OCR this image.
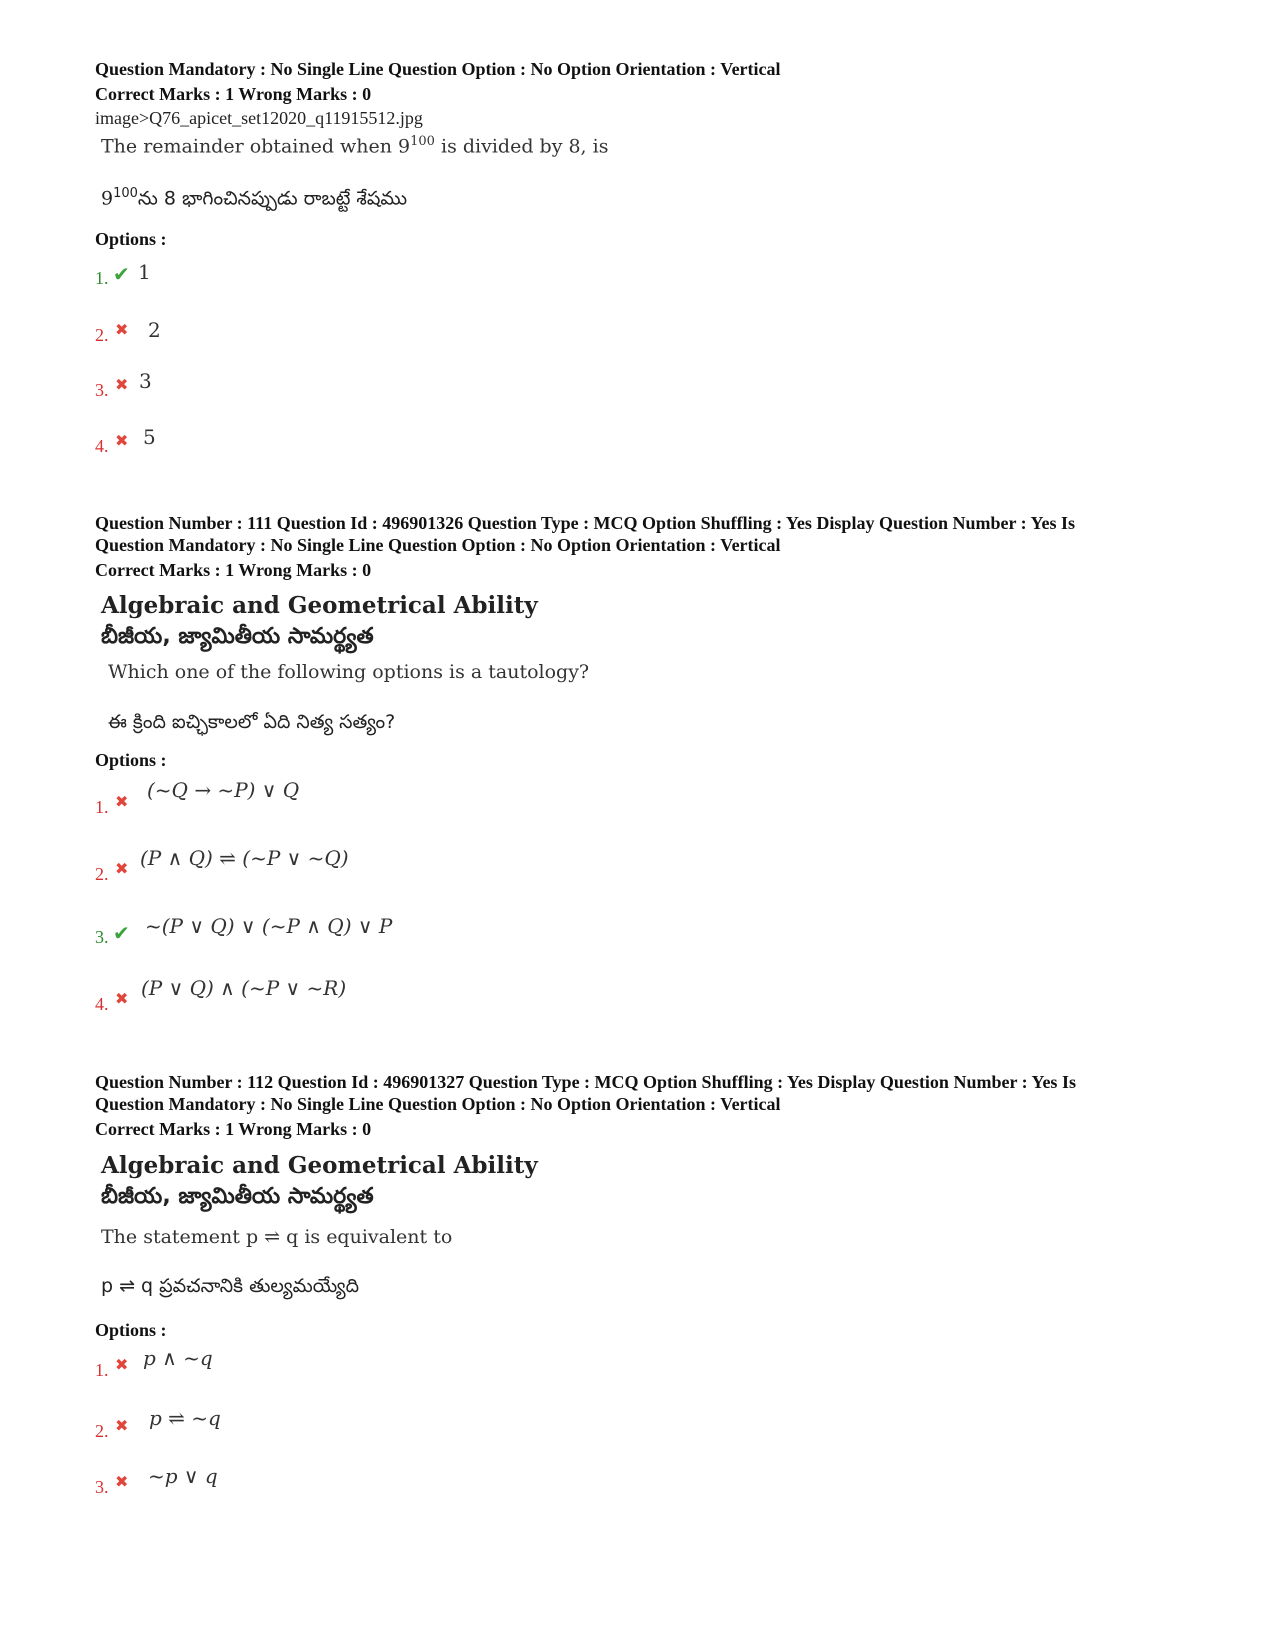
Question Mandatory : No Single Line Question Option : No Option Orientation : Vertical
Correct Marks : 1 Wrong Marks : 0
image>Q76_apicet_set12020_q11915512.jpg
The remainder obtained when $9^{100}$ is divided by 8, is
$9^{100}ను$ 8 భాగించినప్పుడు రాబట్టే శేషము
Options :
1. ✔ 1
2. ✖ 2
3. ✖ 3
4. ✖ 5
Question Number : 111 Question Id : 496901326 Question Type : MCQ Option Shuffling : Yes Display Question Number : Yes Is
Question Mandatory : No Single Line Question Option : No Option Orientation : Vertical
Correct Marks : 1 Wrong Marks : 0
Algebraic and Geometrical Ability
బీజీయ, జ్యామితీయ సామర్థ్యత
Which one of the following options is a tautology?
ఈ క్రింది ఐచ్ఛికాలలో ఏది నిత్య సత్యం?
Options :
1. ✖ (~Q → ~P) ∨ Q
2. ✖ (P ∧ Q) ⇌ (~P ∨ ~Q)
3. ✔ ~(P ∨ Q) ∨ (~P ∧ Q) ∨ P
4. ✖ (P ∨ Q) ∧ (~P ∨ ~R)
Question Number : 112 Question Id : 496901327 Question Type : MCQ Option Shuffling : Yes Display Question Number : Yes Is
Question Mandatory : No Single Line Question Option : No Option Orientation : Vertical
Correct Marks : 1 Wrong Marks : 0
Algebraic and Geometrical Ability
బీజీయ, జ్యామితీయ సామర్థ్యత
The statement p ⇌ q is equivalent to
p ⇌ q ప్రవచనానికి తుల్యమయ్యేది
Options :
1. ✖ p ∧ ~q
2. ✖ p ⇌ ~q
3. ✖ ~p ∨ q
